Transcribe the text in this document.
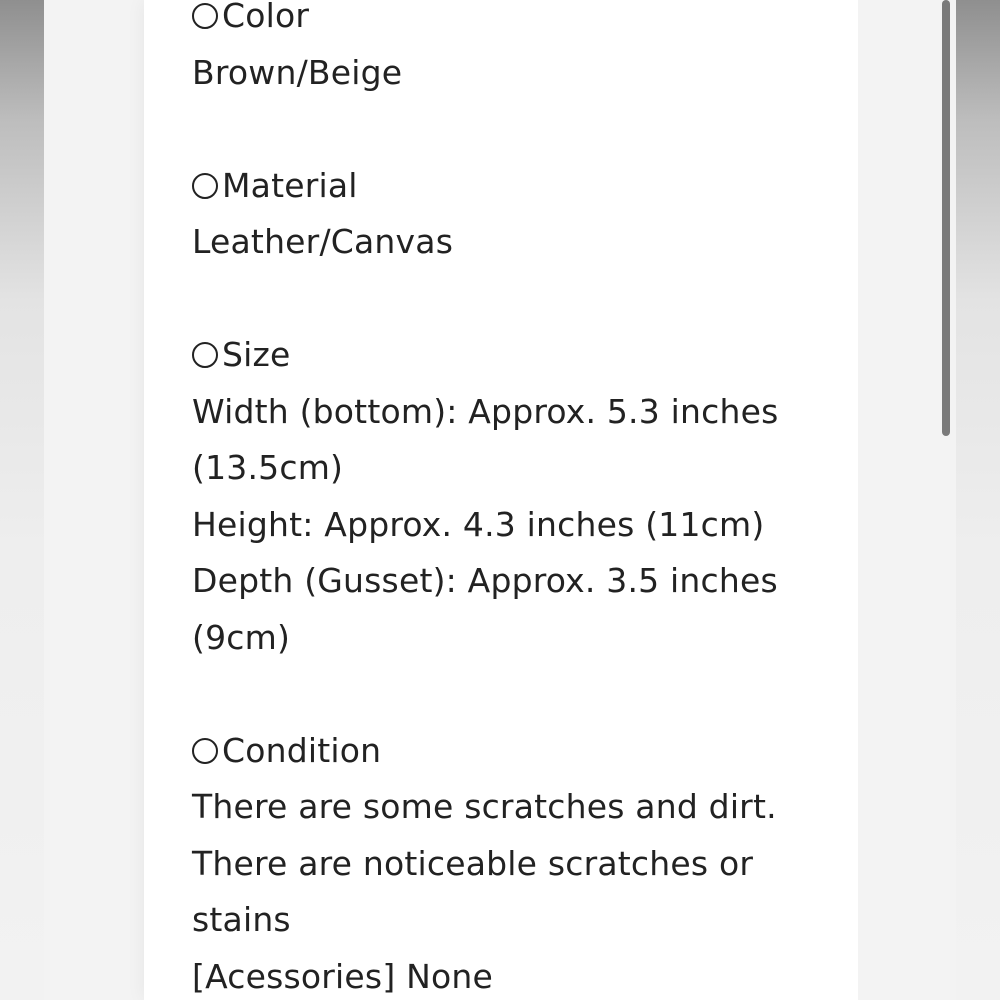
Color
Brown/Beige
Material
Leather/Canvas
Size
Width (bottom): Approx. 5.3 inches
(13.5cm)
Height: Approx. 4.3 inches (11cm)
Depth (Gusset): Approx. 3.5 inches
(9cm)
Condition
There are some scratches and dirt.
There are noticeable scratches or
stains
[Acessories] None
